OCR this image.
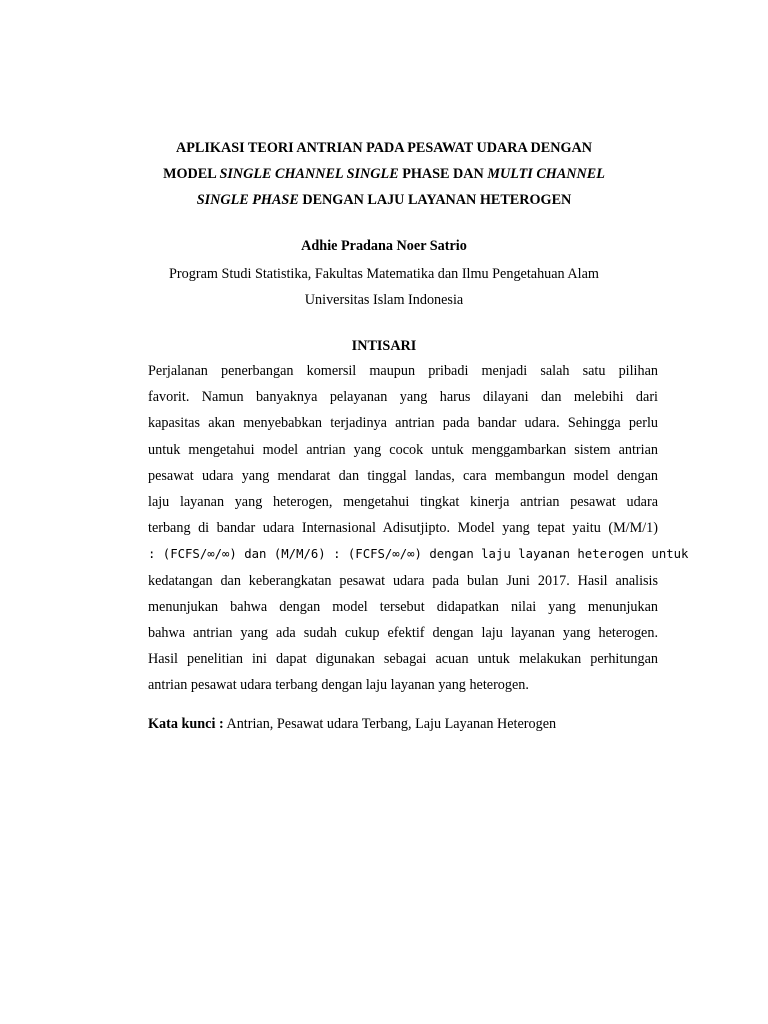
APLIKASI TEORI ANTRIAN PADA PESAWAT UDARA DENGAN
MODEL SINGLE CHANNEL SINGLE PHASE DAN MULTI CHANNEL
SINGLE PHASE DENGAN LAJU LAYANAN HETEROGEN
Adhie Pradana Noer Satrio
Program Studi Statistika, Fakultas Matematika dan Ilmu Pengetahuan Alam
Universitas Islam Indonesia
INTISARI
Perjalanan penerbangan komersil maupun pribadi menjadi salah satu pilihan
favorit. Namun banyaknya pelayanan yang harus dilayani dan melebihi dari
kapasitas akan menyebabkan terjadinya antrian pada bandar udara. Sehingga perlu
untuk mengetahui model antrian yang cocok untuk menggambarkan sistem antrian
pesawat udara yang mendarat dan tinggal landas, cara membangun model dengan
laju layanan yang heterogen, mengetahui tingkat kinerja antrian pesawat udara
terbang di bandar udara Internasional Adisutjipto. Model yang tepat yaitu (M/M/1)
: (FCFS/∞/∞) dan (M/M/6) : (FCFS/∞/∞) dengan laju layanan heterogen untuk
kedatangan dan keberangkatan pesawat udara pada bulan Juni 2017. Hasil analisis
menunjukan bahwa dengan model tersebut didapatkan nilai yang menunjukan
bahwa antrian yang ada sudah cukup efektif dengan laju layanan yang heterogen.
Hasil penelitian ini dapat digunakan sebagai acuan untuk melakukan perhitungan
antrian pesawat udara terbang dengan laju layanan yang heterogen.
Kata kunci : Antrian, Pesawat udara Terbang, Laju Layanan Heterogen
